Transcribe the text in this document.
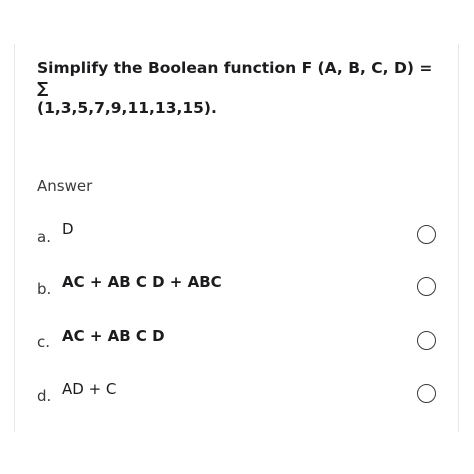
Simplify the Boolean function F (A, B, C, D) = ∑
(1,3,5,7,9,11,13,15).
Answer
a. D
b. AC + AB C D + ABC
c. AC + AB C D
d. AD + C
